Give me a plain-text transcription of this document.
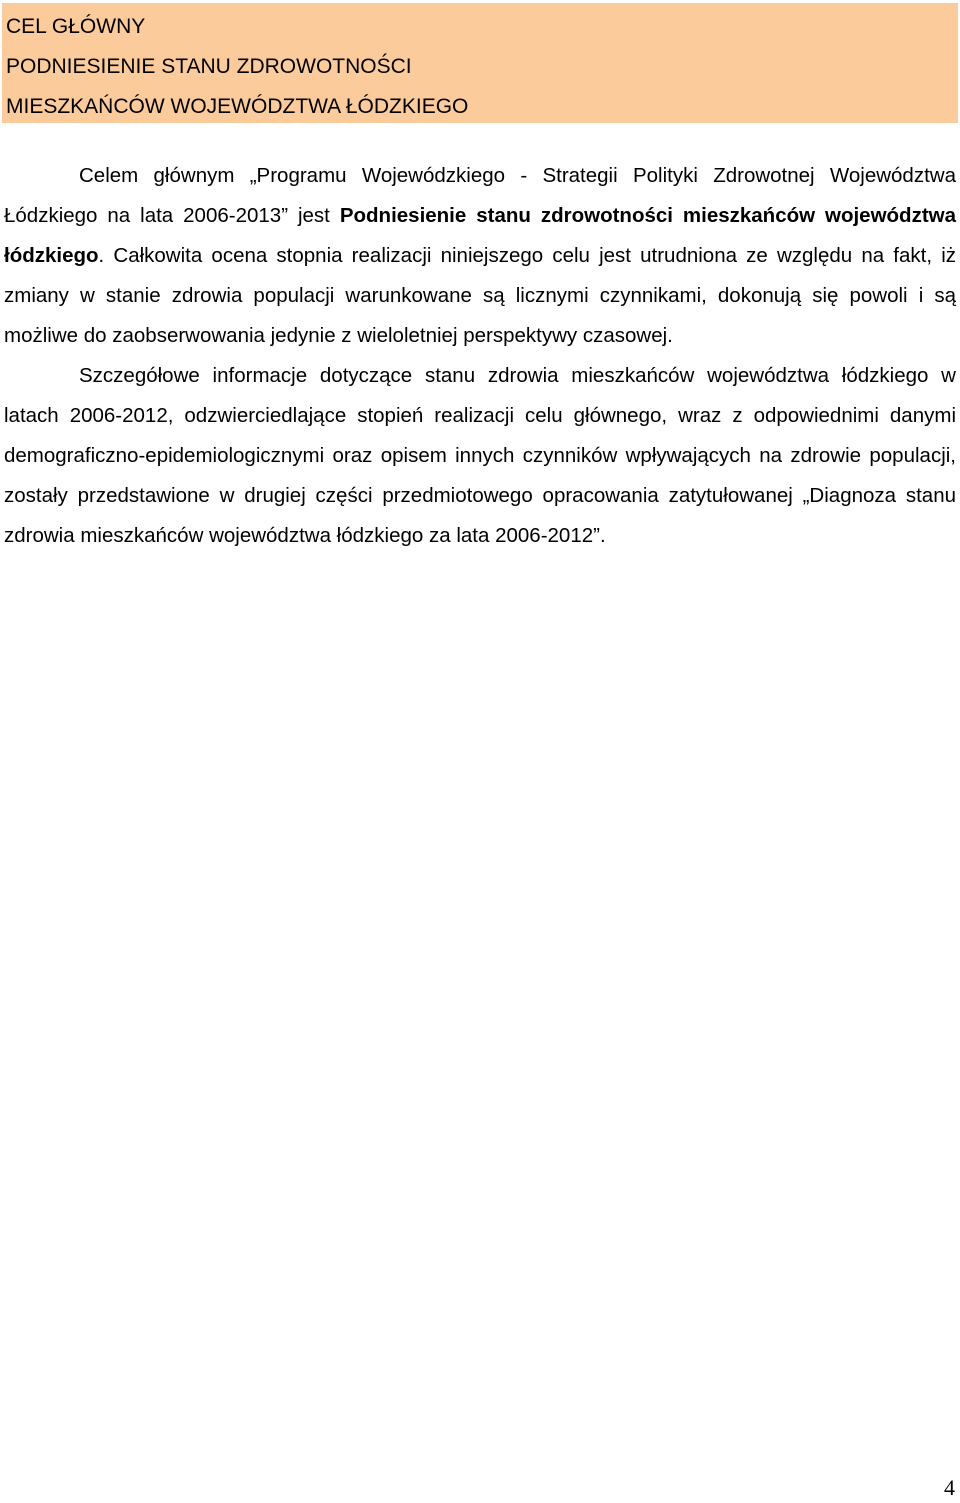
CEL GŁÓWNY
PODNIESIENIE STANU ZDROWOTNOŚCI
MIESZKAŃCÓW WOJEWÓDZTWA ŁÓDZKIEGO

Celem głównym „Programu Wojewódzkiego - Strategii Polityki Zdrowotnej Województwa Łódzkiego na lata 2006-2013” jest Podniesienie stanu zdrowotności mieszkańców województwa łódzkiego. Całkowita ocena stopnia realizacji niniejszego celu jest utrudniona ze względu na fakt, iż zmiany w stanie zdrowia populacji warunkowane są licznymi czynnikami, dokonują się powoli i są możliwe do zaobserwowania jedynie z wieloletniej perspektywy czasowej.

Szczegółowe informacje dotyczące stanu zdrowia mieszkańców województwa łódzkiego w latach 2006-2012, odzwierciedlające stopień realizacji celu głównego, wraz z odpowiednimi danymi demograficzno-epidemiologicznymi oraz opisem innych czynników wpływających na zdrowie populacji, zostały przedstawione w drugiej części przedmiotowego opracowania zatytułowanej „Diagnoza stanu zdrowia mieszkańców województwa łódzkiego za lata 2006-2012”.

4
